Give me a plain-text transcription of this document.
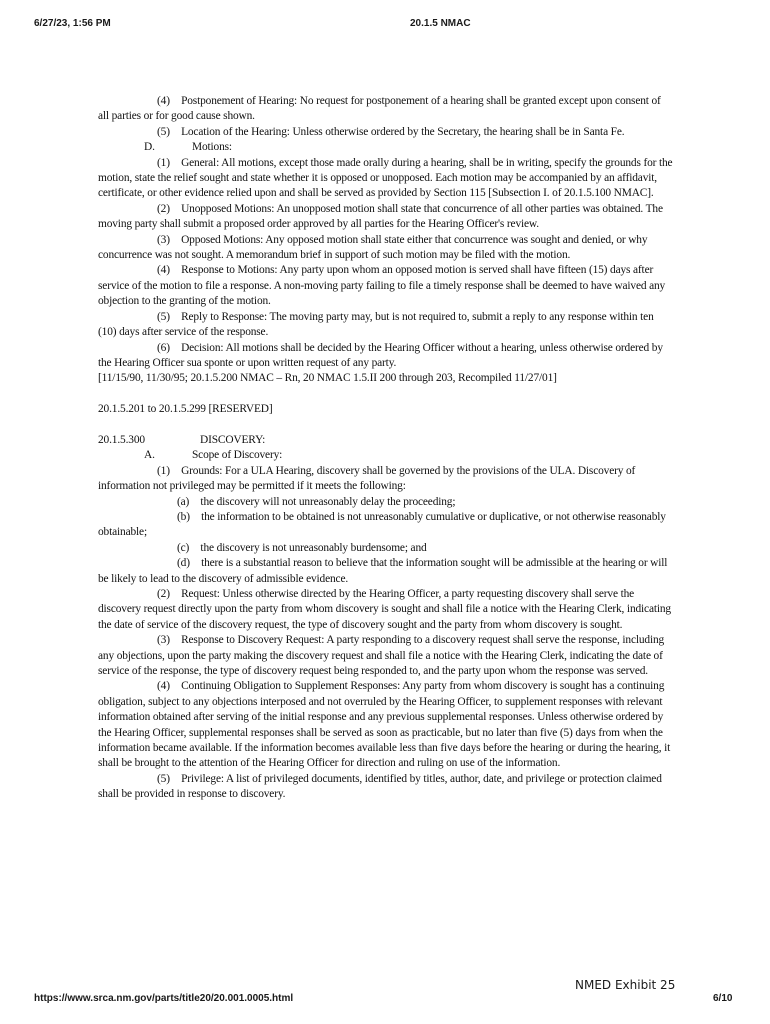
6/27/23, 1:56 PM	20.1.5 NMAC

(4) Postponement of Hearing: No request for postponement of a hearing shall be granted except upon consent of all parties or for good cause shown.

(5) Location of the Hearing: Unless otherwise ordered by the Secretary, the hearing shall be in Santa Fe.

D.	Motions:

(1) General: All motions, except those made orally during a hearing, shall be in writing, specify the grounds for the motion, state the relief sought and state whether it is opposed or unopposed. Each motion may be accompanied by an affidavit, certificate, or other evidence relied upon and shall be served as provided by Section 115 [Subsection I. of 20.1.5.100 NMAC].

(2) Unopposed Motions: An unopposed motion shall state that concurrence of all other parties was obtained. The moving party shall submit a proposed order approved by all parties for the Hearing Officer's review.

(3) Opposed Motions: Any opposed motion shall state either that concurrence was sought and denied, or why concurrence was not sought. A memorandum brief in support of such motion may be filed with the motion.

(4) Response to Motions: Any party upon whom an opposed motion is served shall have fifteen (15) days after service of the motion to file a response. A non-moving party failing to file a timely response shall be deemed to have waived any objection to the granting of the motion.

(5) Reply to Response: The moving party may, but is not required to, submit a reply to any response within ten (10) days after service of the response.

(6) Decision: All motions shall be decided by the Hearing Officer without a hearing, unless otherwise ordered by the Hearing Officer sua sponte or upon written request of any party.

[11/15/90, 11/30/95; 20.1.5.200 NMAC – Rn, 20 NMAC 1.5.II 200 through 203, Recompiled 11/27/01]

20.1.5.201 to 20.1.5.299 [RESERVED]

20.1.5.300	DISCOVERY:
A.	Scope of Discovery:

(1) Grounds: For a ULA Hearing, discovery shall be governed by the provisions of the ULA. Discovery of information not privileged may be permitted if it meets the following:

(a) the discovery will not unreasonably delay the proceeding;

(b) the information to be obtained is not unreasonably cumulative or duplicative, or not otherwise reasonably obtainable;

(c) the discovery is not unreasonably burdensome; and

(d) there is a substantial reason to believe that the information sought will be admissible at the hearing or will be likely to lead to the discovery of admissible evidence.

(2) Request: Unless otherwise directed by the Hearing Officer, a party requesting discovery shall serve the discovery request directly upon the party from whom discovery is sought and shall file a notice with the Hearing Clerk, indicating the date of service of the discovery request, the type of discovery sought and the party from whom discovery is sought.

(3) Response to Discovery Request: A party responding to a discovery request shall serve the response, including any objections, upon the party making the discovery request and shall file a notice with the Hearing Clerk, indicating the date of service of the response, the type of discovery request being responded to, and the party upon whom the response was served.

(4) Continuing Obligation to Supplement Responses: Any party from whom discovery is sought has a continuing obligation, subject to any objections interposed and not overruled by the Hearing Officer, to supplement responses with relevant information obtained after serving of the initial response and any previous supplemental responses. Unless otherwise ordered by the Hearing Officer, supplemental responses shall be served as soon as practicable, but no later than five (5) days from when the information became available. If the information becomes available less than five days before the hearing or during the hearing, it shall be brought to the attention of the Hearing Officer for direction and ruling on use of the information.

(5) Privilege: A list of privileged documents, identified by titles, author, date, and privilege or protection claimed shall be provided in response to discovery.

NMED Exhibit 25
https://www.srca.nm.gov/parts/title20/20.001.0005.html	6/10
